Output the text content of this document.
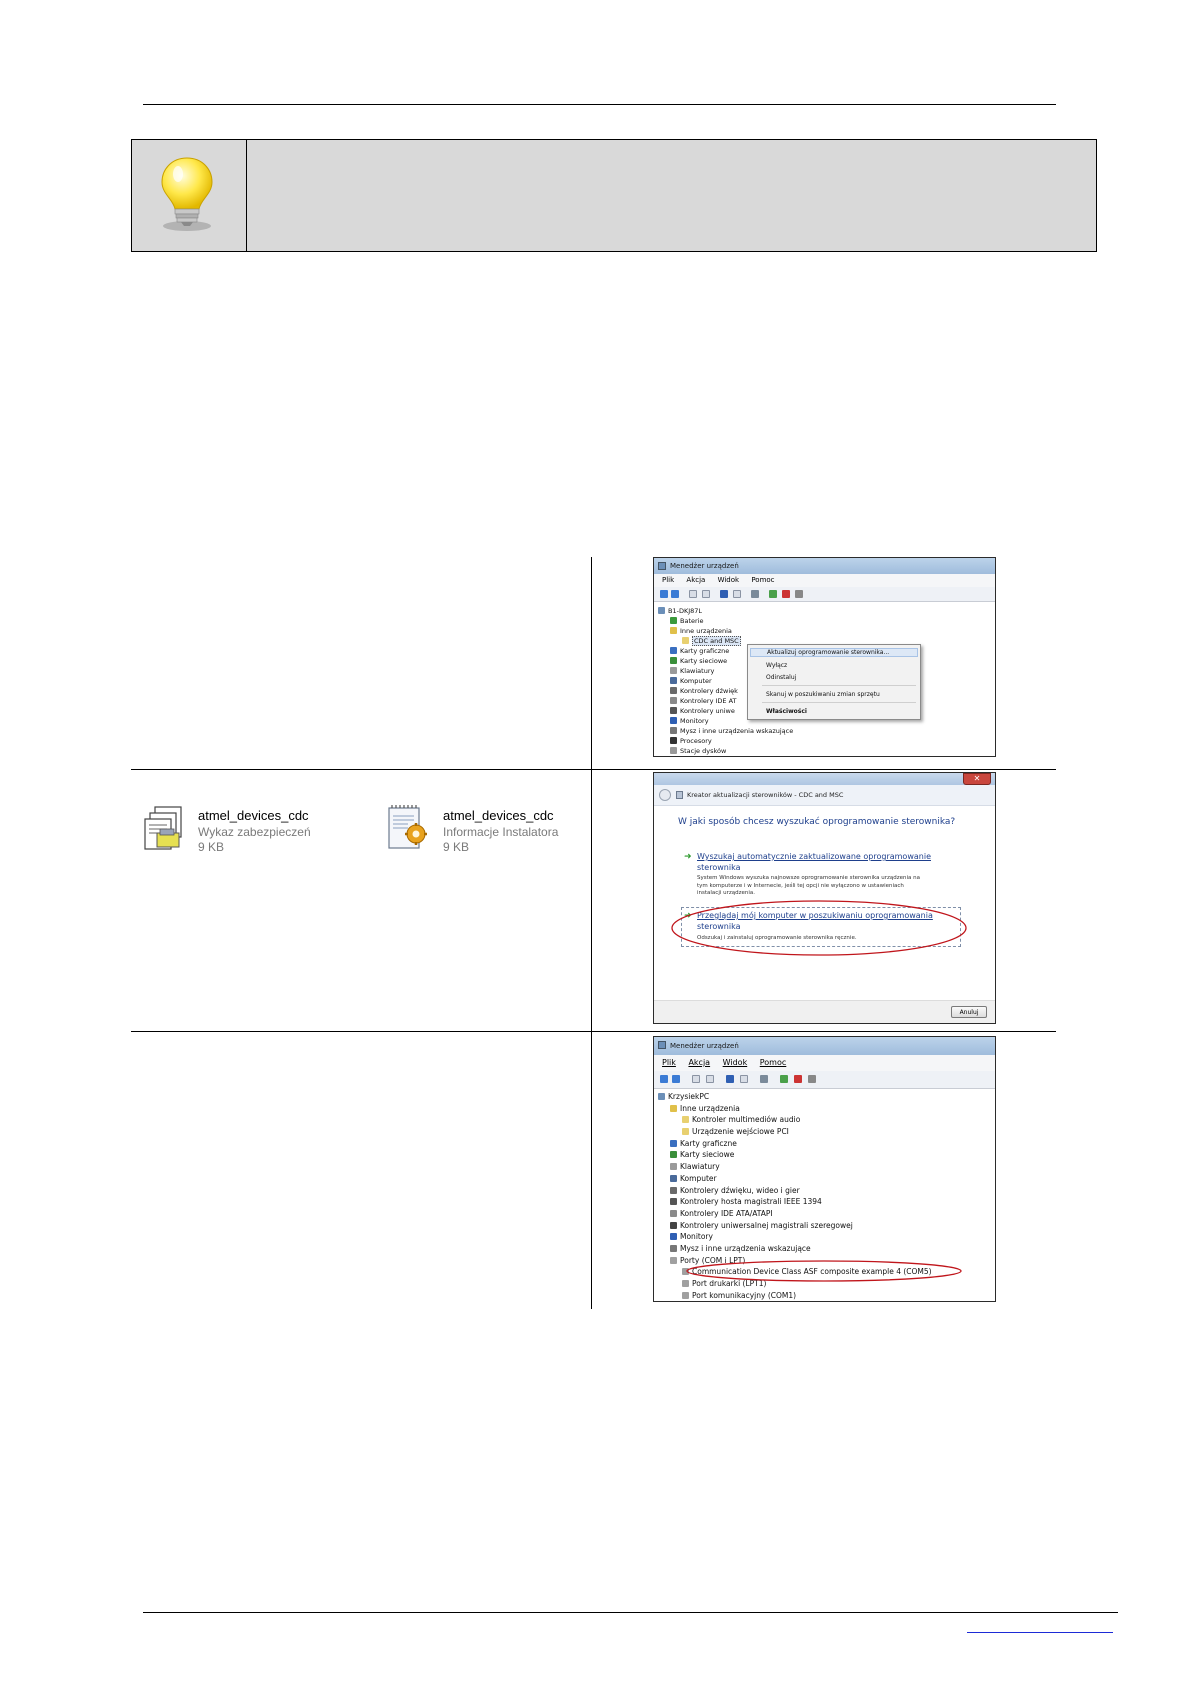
Menedżer urządzeń
Plik Akcja Widok Pomoc
B1-DKJ87L
Baterie
Inne urządzenia
CDC and MSC
Karty graficzne
Karty sieciowe
Klawiatury
Komputer
Kontrolery dźwięk
Kontrolery IDE AT
Kontrolery uniwe
Monitory
Mysz i inne urządzenia wskazujące
Procesory
Stacje dysków
Aktualizuj oprogramowanie sterownika...
Wyłącz
Odinstaluj
Skanuj w poszukiwaniu zmian sprzętu
Właściwości
atmel_devices_cdc
Wykaz zabezpieczeń
9 KB
atmel_devices_cdc
Informacje Instalatora
9 KB
✕
Kreator aktualizacji sterowników - CDC and MSC
W jaki sposób chcesz wyszukać oprogramowanie sterownika?
➜ Wyszukaj automatycznie zaktualizowane oprogramowanie
sterownika
System Windows wyszuka najnowsze oprogramowanie sterownika urządzenia na
tym komputerze i w Internecie, jeśli tej opcji nie wyłączono w ustawieniach
instalacji urządzenia.
➜ Przeglądaj mój komputer w poszukiwaniu oprogramowania
sterownika
Odszukaj i zainstaluj oprogramowanie sterownika ręcznie.
Anuluj
Menedżer urządzeń
Plik Akcja Widok Pomoc
KrzysiekPC
Inne urządzenia
Kontroler multimediów audio
Urządzenie wejściowe PCI
Karty graficzne
Karty sieciowe
Klawiatury
Komputer
Kontrolery dźwięku, wideo i gier
Kontrolery hosta magistrali IEEE 1394
Kontrolery IDE ATA/ATAPI
Kontrolery uniwersalnej magistrali szeregowej
Monitory
Mysz i inne urządzenia wskazujące
Porty (COM i LPT)
Communication Device Class ASF composite example 4 (COM5)
Port drukarki (LPT1)
Port komunikacyjny (COM1)
